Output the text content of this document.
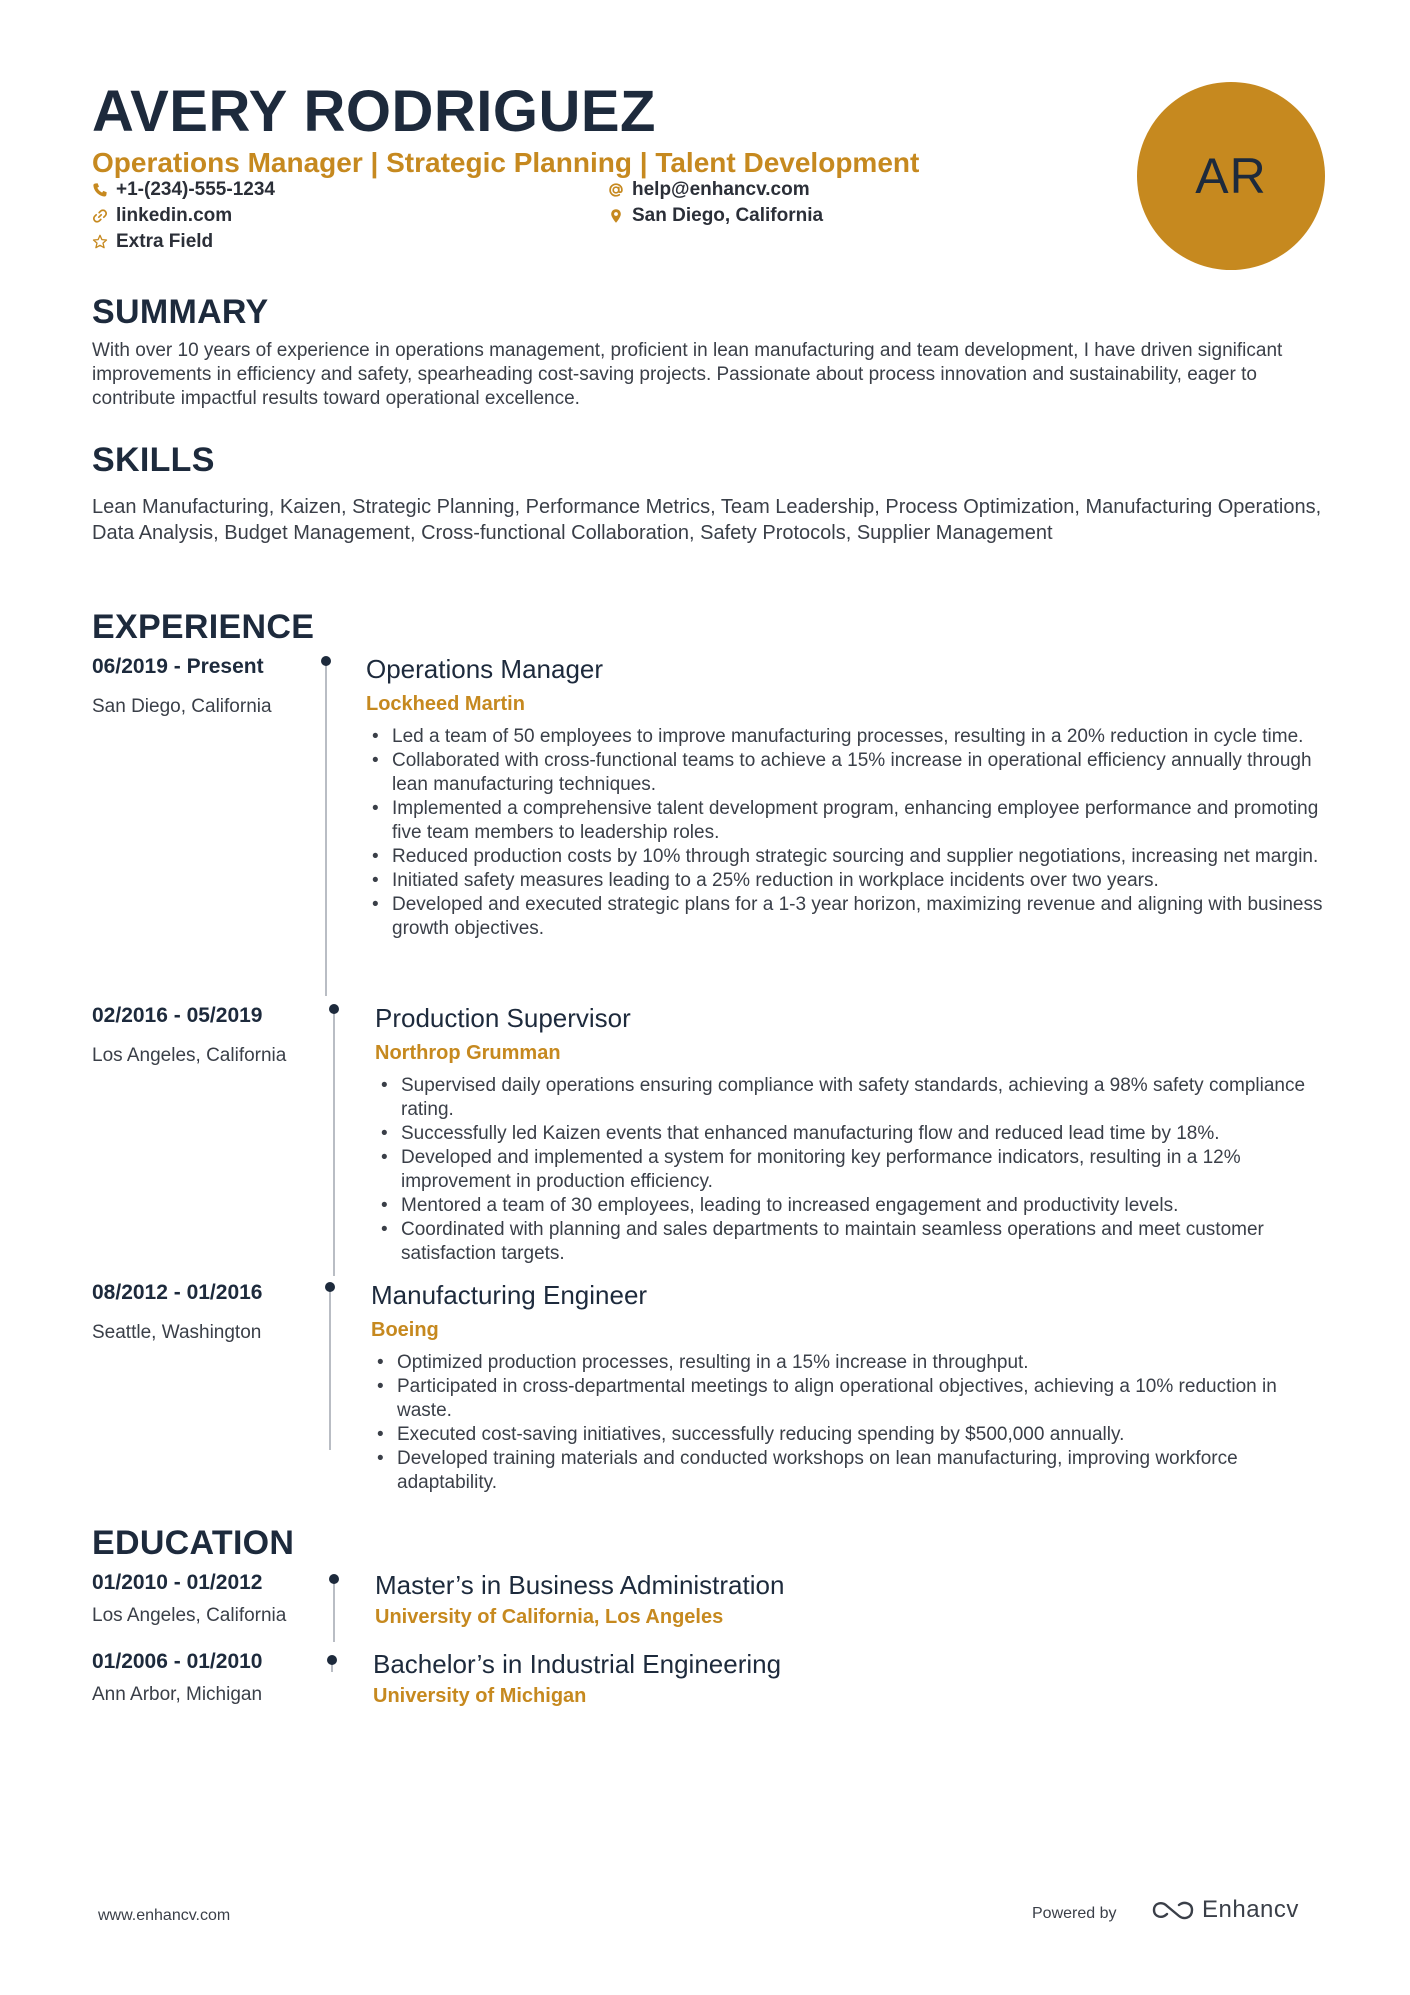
AVERY RODRIGUEZ
Operations Manager | Strategic Planning | Talent Development
+1-(234)-555-1234	help@enhancv.com
linkedin.com	San Diego, California
Extra Field
AR
SUMMARY
With over 10 years of experience in operations management, proficient in lean manufacturing and team development, I have driven significant improvements in efficiency and safety, spearheading cost-saving projects. Passionate about process innovation and sustainability, eager to contribute impactful results toward operational excellence.
SKILLS
Lean Manufacturing, Kaizen, Strategic Planning, Performance Metrics, Team Leadership, Process Optimization, Manufacturing Operations, Data Analysis, Budget Management, Cross-functional Collaboration, Safety Protocols, Supplier Management
EXPERIENCE
06/2019 - Present
San Diego, California
Operations Manager
Lockheed Martin
• Led a team of 50 employees to improve manufacturing processes, resulting in a 20% reduction in cycle time.
• Collaborated with cross-functional teams to achieve a 15% increase in operational efficiency annually through lean manufacturing techniques.
• Implemented a comprehensive talent development program, enhancing employee performance and promoting five team members to leadership roles.
• Reduced production costs by 10% through strategic sourcing and supplier negotiations, increasing net margin.
• Initiated safety measures leading to a 25% reduction in workplace incidents over two years.
• Developed and executed strategic plans for a 1-3 year horizon, maximizing revenue and aligning with business growth objectives.
02/2016 - 05/2019
Los Angeles, California
Production Supervisor
Northrop Grumman
• Supervised daily operations ensuring compliance with safety standards, achieving a 98% safety compliance rating.
• Successfully led Kaizen events that enhanced manufacturing flow and reduced lead time by 18%.
• Developed and implemented a system for monitoring key performance indicators, resulting in a 12% improvement in production efficiency.
• Mentored a team of 30 employees, leading to increased engagement and productivity levels.
• Coordinated with planning and sales departments to maintain seamless operations and meet customer satisfaction targets.
08/2012 - 01/2016
Seattle, Washington
Manufacturing Engineer
Boeing
• Optimized production processes, resulting in a 15% increase in throughput.
• Participated in cross-departmental meetings to align operational objectives, achieving a 10% reduction in waste.
• Executed cost-saving initiatives, successfully reducing spending by $500,000 annually.
• Developed training materials and conducted workshops on lean manufacturing, improving workforce adaptability.
EDUCATION
01/2010 - 01/2012
Los Angeles, California
Master’s in Business Administration
University of California, Los Angeles
01/2006 - 01/2010
Ann Arbor, Michigan
Bachelor’s in Industrial Engineering
University of Michigan
www.enhancv.com	Powered by	Enhancv
